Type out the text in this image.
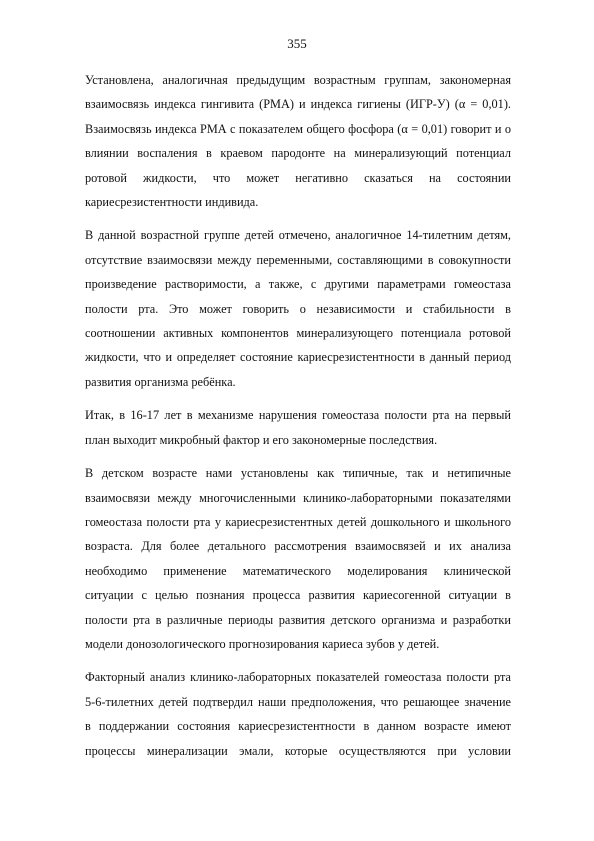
355

Установлена, аналогичная предыдущим возрастным группам, закономерная
взаимосвязь индекса гингивита (РМА) и индекса гигиены (ИГР-У) (α = 0,01).
Взаимосвязь индекса РМА с показателем общего фосфора (α = 0,01) говорит и о
влиянии воспаления в краевом пародонте на минерализующий потенциал
ротовой жидкости, что может негативно сказаться на состоянии
кариесрезистентности индивида.

В данной возрастной группе детей отмечено, аналогичное 14-тилетним детям,
отсутствие взаимосвязи между переменными, составляющими в совокупности
произведение растворимости, а также, с другими параметрами гомеостаза
полости рта. Это может говорить о независимости и стабильности в
соотношении активных компонентов минерализующего потенциала ротовой
жидкости, что и определяет состояние кариесрезистентности в данный период
развития организма ребёнка.

Итак, в 16-17 лет в механизме нарушения гомеостаза полости рта на первый
план выходит микробный фактор и его закономерные последствия.

В детском возрасте нами установлены как типичные, так и нетипичные
взаимосвязи между многочисленными клинико-лабораторными показателями
гомеостаза полости рта у кариесрезистентных детей дошкольного и школьного
возраста. Для более детального рассмотрения взаимосвязей и их анализа
необходимо применение математического моделирования клинической
ситуации с целью познания процесса развития кариесогенной ситуации в
полости рта в различные периоды развития детского организма и разработки
модели донозологического прогнозирования кариеса зубов у детей.

Факторный анализ клинико-лабораторных показателей гомеостаза полости рта
5-6-тилетних детей подтвердил наши предположения, что решающее значение
в поддержании состояния кариесрезистентности в данном возрасте имеют
процессы минерализации эмали, которые осуществляются при условии
